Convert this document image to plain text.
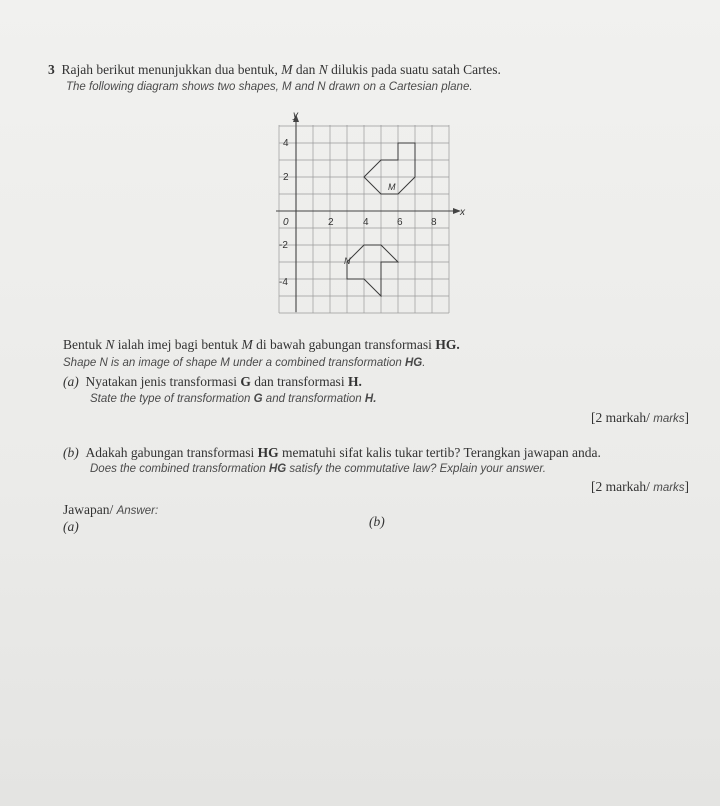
3 Rajah berikut menunjukkan dua bentuk, M dan N dilukis pada suatu satah Cartes.
The following diagram shows two shapes, M and N drawn on a Cartesian plane.
y
x
0	2	4	6	8
4
2
-2
-4
M
N
Bentuk N ialah imej bagi bentuk M di bawah gabungan transformasi HG.
Shape N is an image of shape M under a combined transformation HG.
(a) Nyatakan jenis transformasi G dan transformasi H.
State the type of transformation G and transformation H.
[2 markah/ marks]
(b) Adakah gabungan transformasi HG mematuhi sifat kalis tukar tertib? Terangkan jawapan anda.
Does the combined transformation HG satisfy the commutative law? Explain your answer.
[2 markah/ marks]
Jawapan/ Answer:
(a)	(b)
